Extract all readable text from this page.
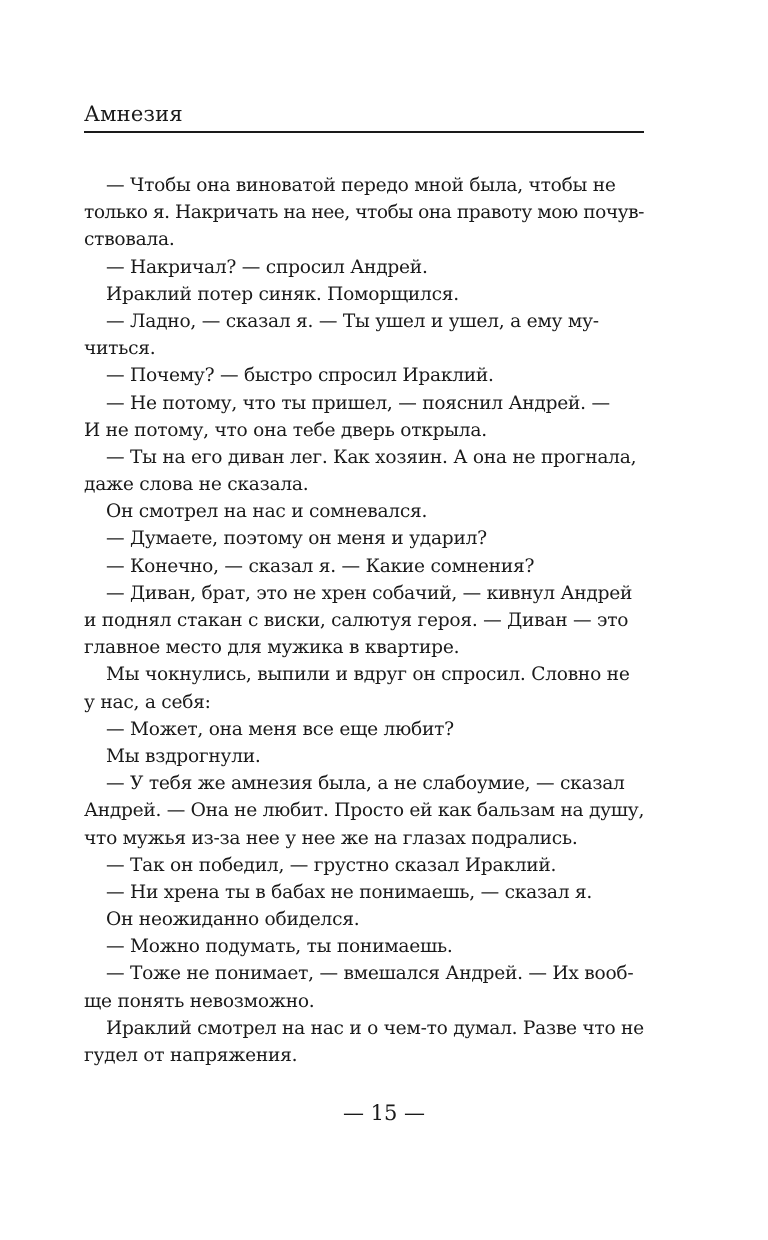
Амнезия
— Чтобы она виноватой передо мной была, чтобы не
только я. Накричать на нее, чтобы она правоту мою почув-
ствовала.
— Накричал? — спросил Андрей.
Ираклий потер синяк. Поморщился.
— Ладно, — сказал я. — Ты ушел и ушел, а ему му-
читься.
— Почему? — быстро спросил Ираклий.
— Не потому, что ты пришел, — пояснил Андрей. —
И не потому, что она тебе дверь открыла.
— Ты на его диван лег. Как хозяин. А она не прогнала,
даже слова не сказала.
Он смотрел на нас и сомневался.
— Думаете, поэтому он меня и ударил?
— Конечно, — сказал я. — Какие сомнения?
— Диван, брат, это не хрен собачий, — кивнул Андрей
и поднял стакан с виски, салютуя героя. — Диван — это
главное место для мужика в квартире.
Мы чокнулись, выпили и вдруг он спросил. Словно не
у нас, а себя:
— Может, она меня все еще любит?
Мы вздрогнули.
— У тебя же амнезия была, а не слабоумие, — сказал
Андрей. — Она не любит. Просто ей как бальзам на душу,
что мужья из-за нее у нее же на глазах подрались.
— Так он победил, — грустно сказал Ираклий.
— Ни хрена ты в бабах не понимаешь, — сказал я.
Он неожиданно обиделся.
— Можно подумать, ты понимаешь.
— Тоже не понимает, — вмешался Андрей. — Их вооб-
ще понять невозможно.
Ираклий смотрел на нас и о чем-то думал. Разве что не
гудел от напряжения.
— 15 —
